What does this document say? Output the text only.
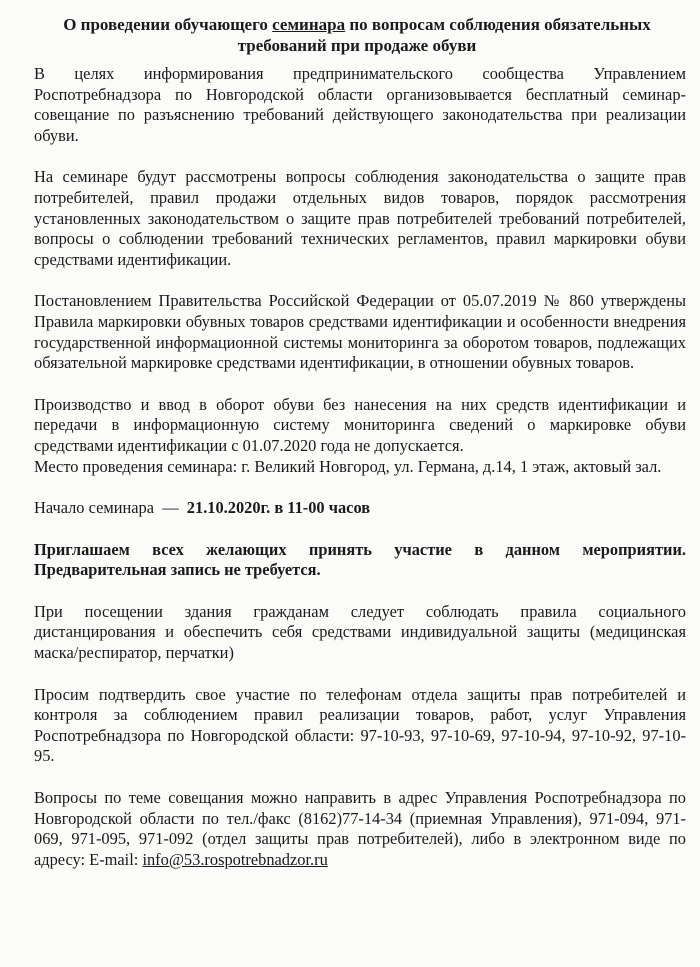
О проведении обучающего семинара по вопросам соблюдения обязательных требований при продаже обуви

В целях информирования предпринимательского сообщества Управлением Роспотребнадзора по Новгородской области организовывается бесплатный семинар-совещание по разъяснению требований действующего законодательства при реализации обуви.

На семинаре будут рассмотрены вопросы соблюдения законодательства о защите прав потребителей, правил продажи отдельных видов товаров, порядок рассмотрения установленных законодательством о защите прав потребителей требований потребителей, вопросы о соблюдении требований технических регламентов, правил маркировки обуви средствами идентификации.

Постановлением Правительства Российской Федерации от 05.07.2019 № 860 утверждены Правила маркировки обувных товаров средствами идентификации и особенности внедрения государственной информационной системы мониторинга за оборотом товаров, подлежащих обязательной маркировке средствами идентификации, в отношении обувных товаров.

Производство и ввод в оборот обуви без нанесения на них средств идентификации и передачи в информационную систему мониторинга сведений о маркировке обуви средствами идентификации с 01.07.2020 года не допускается.

Место проведения семинара: г. Великий Новгород, ул. Германа, д.14, 1 этаж, актовый зал.

Начало семинара  —  21.10.2020г. в 11-00 часов

Приглашаем всех желающих принять участие в данном мероприятии. Предварительная запись не требуется.

При посещении здания гражданам следует соблюдать правила социального дистанцирования и обеспечить себя средствами индивидуальной защиты (медицинская маска/респиратор, перчатки)

Просим подтвердить свое участие по телефонам отдела защиты прав потребителей и контроля за соблюдением правил реализации товаров, работ, услуг Управления Роспотребнадзора по Новгородской области: 97-10-93, 97-10-69, 97-10-94, 97-10-92, 97-10-95.

Вопросы по теме совещания можно направить в адрес Управления Роспотребнадзора по Новгородской области по тел./факс (8162)77-14-34 (приемная Управления), 971-094, 971-069, 971-095, 971-092 (отдел защиты прав потребителей), либо в электронном виде по адресу: E-mail: info@53.rospotrebnadzor.ru
